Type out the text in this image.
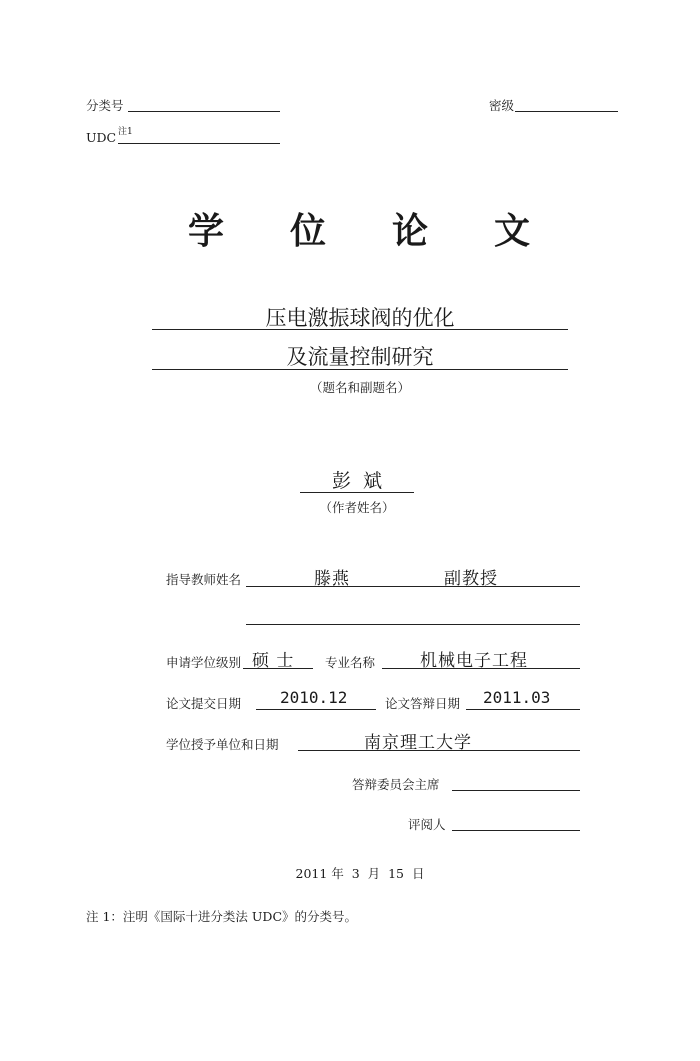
分类号
UDC 注1
密级
学 位 论 文
压电激振球阀的优化
及流量控制研究
（题名和副题名）
彭  斌
（作者姓名）
指导教师姓名	滕燕	副教授
申请学位级别 硕 士 专业名称	机械电子工程
论文提交日期 2010.12	论文答辩日期 2011.03
学位授予单位和日期	南京理工大学
答辩委员会主席
评阅人
2011 年  3  月  15  日
注 1：注明《国际十进分类法 UDC》的分类号。
